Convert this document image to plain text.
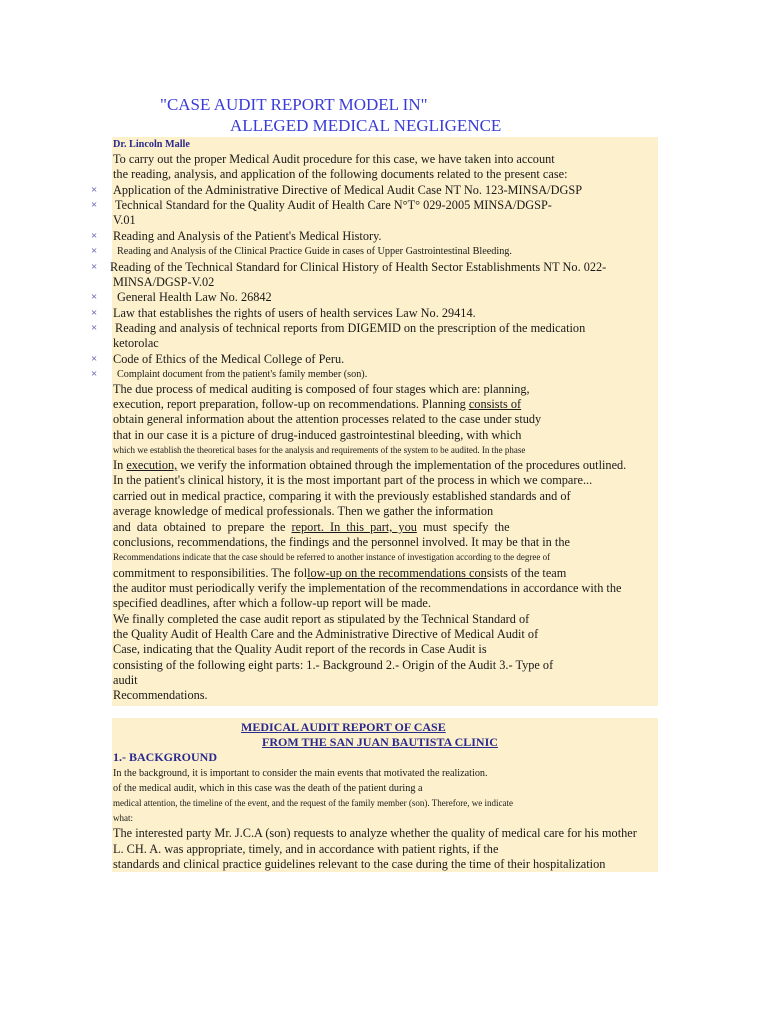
"CASE AUDIT REPORT MODEL IN"
ALLEGED MEDICAL NEGLIGENCE
Dr. Lincoln Malle
To carry out the proper Medical Audit procedure for this case, we have taken into account
the reading, analysis, and application of the following documents related to the present case:
× Application of the Administrative Directive of Medical Audit Case NT No. 123-MINSA/DGSP
× Technical Standard for the Quality Audit of Health Care N°T° 029-2005 MINSA/DGSP-
V.01
× Reading and Analysis of the Patient's Medical History.
× Reading and Analysis of the Clinical Practice Guide in cases of Upper Gastrointestinal Bleeding.
× Reading of the Technical Standard for Clinical History of Health Sector Establishments NT No. 022-
MINSA/DGSP-V.02
× General Health Law No. 26842
× Law that establishes the rights of users of health services Law No. 29414.
× Reading and analysis of technical reports from DIGEMID on the prescription of the medication
ketorolac
× Code of Ethics of the Medical College of Peru.
× Complaint document from the patient's family member (son).
The due process of medical auditing is composed of four stages which are: planning,
execution, report preparation, follow-up on recommendations. Planning consists of
obtain general information about the attention processes related to the case under study
that in our case it is a picture of drug-induced gastrointestinal bleeding, with which
which we establish the theoretical bases for the analysis and requirements of the system to be audited. In the phase
In execution, we verify the information obtained through the implementation of the procedures outlined.
In the patient's clinical history, it is the most important part of the process in which we compare...
carried out in medical practice, comparing it with the previously established standards and of
average knowledge of medical professionals. Then we gather the information
and data obtained to prepare the report. In this part, you must specify the
conclusions, recommendations, the findings and the personnel involved. It may be that in the
Recommendations indicate that the case should be referred to another instance of investigation according to the degree of
commitment to responsibilities. The follow-up on the recommendations consists of the team
the auditor must periodically verify the implementation of the recommendations in accordance with the
specified deadlines, after which a follow-up report will be made.
We finally completed the case audit report as stipulated by the Technical Standard of
the Quality Audit of Health Care and the Administrative Directive of Medical Audit of
Case, indicating that the Quality Audit report of the records in Case Audit is
consisting of the following eight parts: 1.- Background 2.- Origin of the Audit 3.- Type of
audit
Recommendations.
MEDICAL AUDIT REPORT OF CASE
FROM THE SAN JUAN BAUTISTA CLINIC
1.- BACKGROUND
In the background, it is important to consider the main events that motivated the realization.
of the medical audit, which in this case was the death of the patient during a
medical attention, the timeline of the event, and the request of the family member (son). Therefore, we indicate
what:
The interested party Mr. J.C.A (son) requests to analyze whether the quality of medical care for his mother
L. CH. A. was appropriate, timely, and in accordance with patient rights, if the
standards and clinical practice guidelines relevant to the case during the time of their hospitalization
